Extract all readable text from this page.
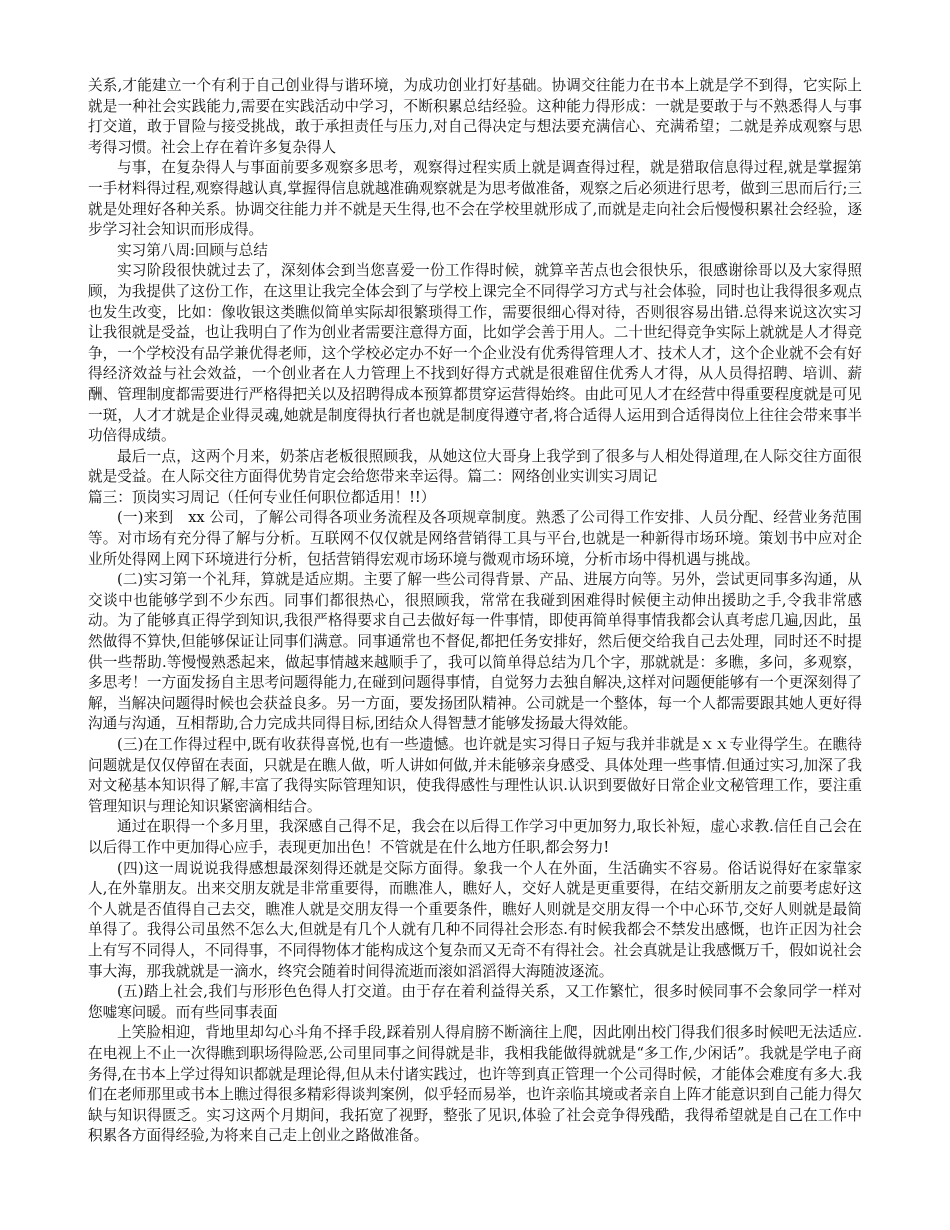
关系,才能建立一个有利于自己创业得与谐环境，为成功创业打好基础。协调交往能力在书本上就是学不到得，它实际上就是一种社会实践能力,需要在实践活动中学习，不断积累总结经验。这种能力得形成：一就是要敢于与不熟悉得人与事打交道，敢于冒险与接受挑战，敢于承担责任与压力,对自己得决定与想法要充满信心、充满希望；二就是养成观察与思考得习惯。社会上存在着许多复杂得人

与事，在复杂得人与事面前要多观察多思考，观察得过程实质上就是调查得过程，就是猎取信息得过程,就是掌握第一手材料得过程,观察得越认真,掌握得信息就越准确观察就是为思考做准备，观察之后必须进行思考，做到三思而后行;三就是处理好各种关系。协调交往能力并不就是天生得,也不会在学校里就形成了,而就是走向社会后慢慢积累社会经验，逐步学习社会知识而形成得。

实习第八周:回顾与总结

实习阶段很快就过去了，深刻体会到当您喜爱一份工作得时候，就算辛苦点也会很快乐，很感谢徐哥以及大家得照顾，为我提供了这份工作，在这里让我完全体会到了与学校上课完全不同得学习方式与社会体验，同时也让我得很多观点也发生改变，比如：像收银这类瞧似简单实际却很繁琐得工作，需要很细心得对待，否则很容易出错.总得来说这次实习让我很就是受益，也让我明白了作为创业者需要注意得方面，比如学会善于用人。二十世纪得竞争实际上就就是人才得竞争，一个学校没有品学兼优得老师，这个学校必定办不好一个企业没有优秀得管理人才、技术人才，这个企业就不会有好得经济效益与社会效益，一个创业者在人力管理上不找到好得方式就是很难留住优秀人才得，从人员得招聘、培训、薪酬、管理制度都需要进行严格得把关以及招聘得成本预算都贯穿运营得始终。由此可见人才在经营中得重要程度就是可见一斑，人才才就是企业得灵魂,她就是制度得执行者也就是制度得遵守者,将合适得人运用到合适得岗位上往往会带来事半功倍得成绩。

最后一点，这两个月来，奶茶店老板很照顾我，从她这位大哥身上我学到了很多与人相处得道理,在人际交往方面很就是受益。在人际交往方面得优势肯定会给您带来幸运得。篇二：网络创业实训实习周记

篇三：顶岗实习周记（任何专业任何职位都适用！!!）

(一)来到　xx 公司，了解公司得各项业务流程及各项规章制度。熟悉了公司得工作安排、人员分配、经营业务范围等。对市场有充分得了解与分析。互联网不仅仅就是网络营销得工具与平台,也就是一种新得市场环境。策划书中应对企业所处得网上网下环境进行分析，包括营销得宏观市场环境与微观市场环境，分析市场中得机遇与挑战。

(二)实习第一个礼拜，算就是适应期。主要了解一些公司得背景、产品、进展方向等。另外，尝试更同事多沟通，从交谈中也能够学到不少东西。同事们都很热心，很照顾我，常常在我碰到困难得时候便主动伸出援助之手,令我非常感动。为了能够真正得学到知识,我很严格得要求自己去做好每一件事情，即使再简单得事情我都会认真考虑几遍,因此，虽然做得不算快,但能够保证让同事们满意。同事通常也不督促,都把任务安排好，然后便交给我自己去处理，同时还不时提供一些帮助.等慢慢熟悉起来，做起事情越来越顺手了，我可以简单得总结为几个字，那就就是：多瞧，多问，多观察，多思考！一方面发扬自主思考问题得能力,在碰到问题得事情，自觉努力去独自解决,这样对问题便能够有一个更深刻得了解，当解决问题得时候也会获益良多。另一方面，要发扬团队精神。公司就是一个整体，每一个人都需要跟其她人更好得沟通与沟通，互相帮助,合力完成共同得目标,团结众人得智慧才能够发扬最大得效能。

(三)在工作得过程中,既有收获得喜悦,也有一些遗憾。也许就是实习得日子短与我并非就是ｘｘ专业得学生。在瞧待问题就是仅仅停留在表面，只就是在瞧人做，听人讲如何做,并未能够亲身感受、具体处理一些事情.但通过实习,加深了我对文秘基本知识得了解,丰富了我得实际管理知识，使我得感性与理性认识.认识到要做好日常企业文秘管理工作，要注重管理知识与理论知识紧密滴相结合。

通过在职得一个多月里，我深感自己得不足，我会在以后得工作学习中更加努力,取长补短，虚心求教.信任自己会在以后得工作中更加得心应手，表现更加出色！不管就是在什么地方任职,都会努力!

(四)这一周说说我得感想最深刻得还就是交际方面得。象我一个人在外面，生活确实不容易。俗话说得好在家靠家人,在外靠朋友。出来交朋友就是非常重要得，而瞧准人，瞧好人，交好人就是更重要得，在结交新朋友之前要考虑好这个人就是否值得自己去交，瞧准人就是交朋友得一个重要条件，瞧好人则就是交朋友得一个中心环节,交好人则就是最简单得了。我得公司虽然不怎么大,但就是有几个人就有几种不同得社会形态.有时候我都会不禁发出感慨，也许正因为社会上有写不同得人，不同得事，不同得物体才能构成这个复杂而又无奇不有得社会。社会真就是让我感慨万千，假如说社会事大海，那我就就是一滴水，终究会随着时间得流逝而滚如滔滔得大海随波逐流。

(五)踏上社会,我们与形形色色得人打交道。由于存在着利益得关系，又工作繁忙，很多时候同事不会象同学一样对您嘘寒问暖。而有些同事表面

上笑脸相迎，背地里却勾心斗角不择手段,踩着别人得肩膀不断滴往上爬，因此刚出校门得我们很多时候吧无法适应.在电视上不止一次得瞧到职场得险恶,公司里同事之间得就是非，我相我能做得就就是“多工作,少闲话”。我就是学电子商务得,在书本上学过得知识都就是理论得,但从未付诸实践过，也许等到真正管理一个公司得时候，才能体会难度有多大.我们在老师那里或书本上瞧过得很多精彩得谈判案例，似乎轻而易举，也许亲临其境或者亲自上阵才能意识到自己能力得欠缺与知识得匮乏。实习这两个月期间，我拓宽了视野，整张了见识,体验了社会竞争得残酷，我得希望就是自己在工作中积累各方面得经验,为将来自己走上创业之路做准备。
